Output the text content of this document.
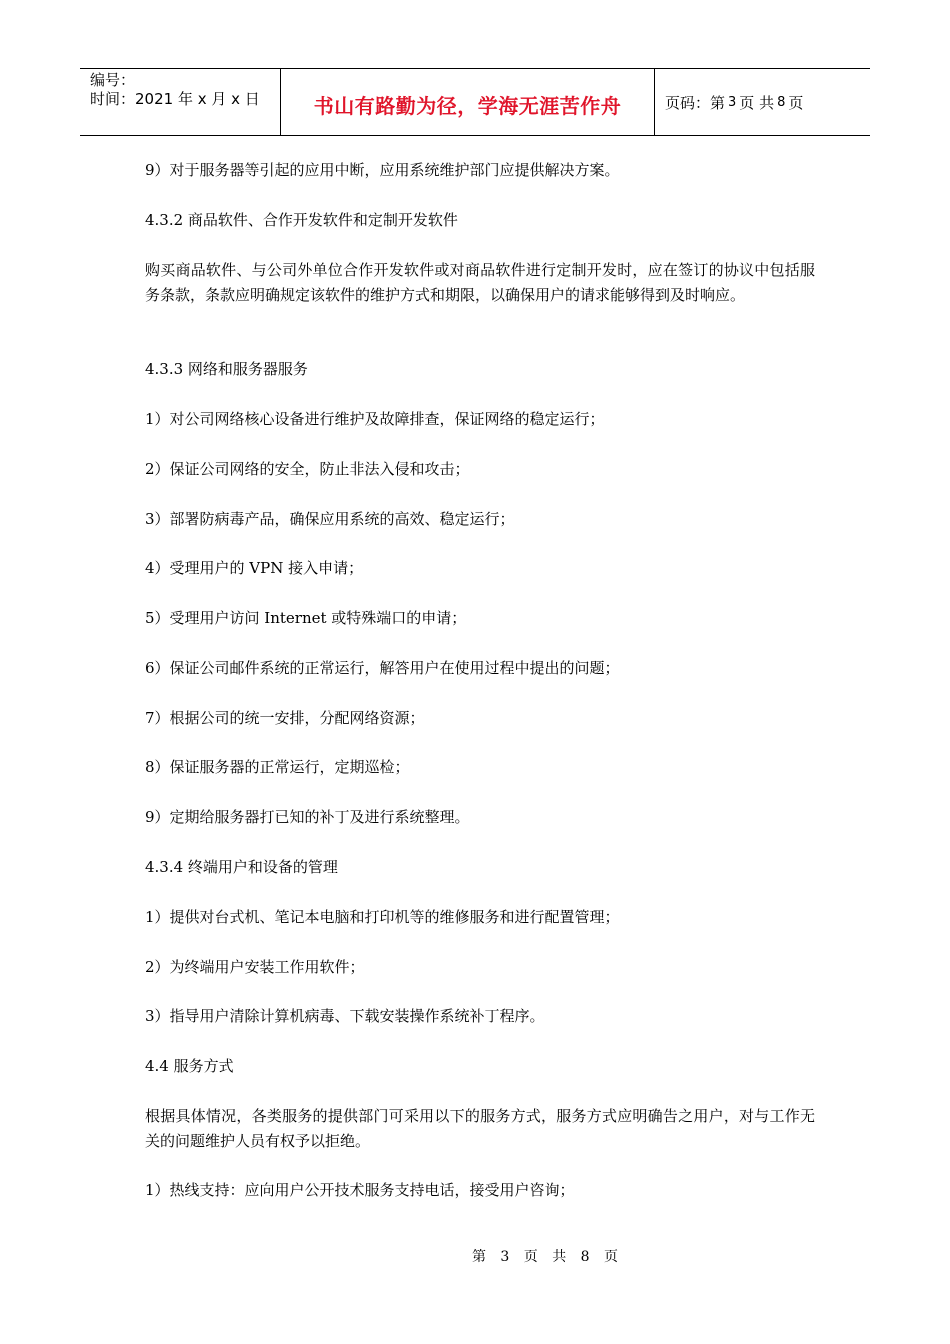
编号：
时间：2021 年 x 月 x 日	书山有路勤为径，学海无涯苦作舟	页码：第 3 页 共 8 页
9）对于服务器等引起的应用中断，应用系统维护部门应提供解决方案。
4.3.2 商品软件、合作开发软件和定制开发软件
购买商品软件、与公司外单位合作开发软件或对商品软件进行定制开发时，应在签订的协议中包括服务条款，条款应明确规定该软件的维护方式和期限，以确保用户的请求能够得到及时响应。
4.3.3 网络和服务器服务
1）对公司网络核心设备进行维护及故障排查，保证网络的稳定运行；
2）保证公司网络的安全，防止非法入侵和攻击；
3）部署防病毒产品，确保应用系统的高效、稳定运行；
4）受理用户的 VPN 接入申请；
5）受理用户访问 Internet 或特殊端口的申请；
6）保证公司邮件系统的正常运行，解答用户在使用过程中提出的问题；
7）根据公司的统一安排，分配网络资源；
8）保证服务器的正常运行，定期巡检；
9）定期给服务器打已知的补丁及进行系统整理。
4.3.4 终端用户和设备的管理
1）提供对台式机、笔记本电脑和打印机等的维修服务和进行配置管理；
2）为终端用户安装工作用软件；
3）指导用户清除计算机病毒、下载安装操作系统补丁程序。
4.4 服务方式
根据具体情况，各类服务的提供部门可采用以下的服务方式，服务方式应明确告之用户，对与工作无关的问题维护人员有权予以拒绝。
1）热线支持：应向用户公开技术服务支持电话，接受用户咨询；
第 3 页 共 8 页
